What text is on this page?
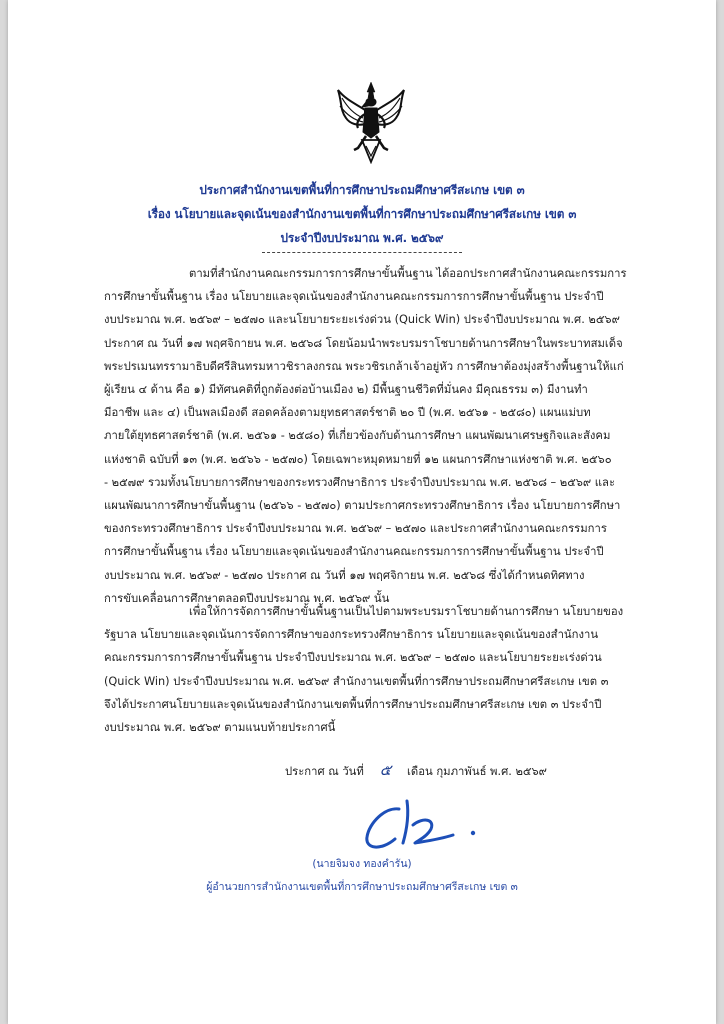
ประกาศสำนักงานเขตพื้นที่การศึกษาประถมศึกษาศรีสะเกษ เขต ๓
เรื่อง นโยบายและจุดเน้นของสำนักงานเขตพื้นที่การศึกษาประถมศึกษาศรีสะเกษ เขต ๓
ประจำปีงบประมาณ พ.ศ. ๒๕๖๙
ตามที่สำนักงานคณะกรรมการการศึกษาขั้นพื้นฐาน ได้ออกประกาศสำนักงานคณะกรรมการ
การศึกษาขั้นพื้นฐาน เรื่อง นโยบายและจุดเน้นของสำนักงานคณะกรรมการการศึกษาขั้นพื้นฐาน ประจำปี
งบประมาณ พ.ศ. ๒๕๖๙ – ๒๕๗๐ และนโยบายระยะเร่งด่วน (Quick Win) ประจำปีงบประมาณ พ.ศ. ๒๕๖๙
ประกาศ ณ วันที่ ๑๗ พฤศจิกายน พ.ศ. ๒๕๖๘ โดยน้อมนำพระบรมราโชบายด้านการศึกษาในพระบาทสมเด็จ
พระปรเมนทรรามาธิบดีศรีสินทรมหาวชิราลงกรณ พระวชิรเกล้าเจ้าอยู่หัว การศึกษาต้องมุ่งสร้างพื้นฐานให้แก่
ผู้เรียน ๔ ด้าน คือ ๑) มีทัศนคติที่ถูกต้องต่อบ้านเมือง ๒) มีพื้นฐานชีวิตที่มั่นคง มีคุณธรรม ๓) มีงานทำ
มีอาชีพ และ ๔) เป็นพลเมืองดี สอดคล้องตามยุทธศาสตร์ชาติ ๒๐ ปี (พ.ศ. ๒๕๖๑ - ๒๕๘๐) แผนแม่บท
ภายใต้ยุทธศาสตร์ชาติ (พ.ศ. ๒๕๖๑ - ๒๕๘๐) ที่เกี่ยวข้องกับด้านการศึกษา แผนพัฒนาเศรษฐกิจและสังคม
แห่งชาติ ฉบับที่ ๑๓ (พ.ศ. ๒๕๖๖ - ๒๕๗๐) โดยเฉพาะหมุดหมายที่ ๑๒ แผนการศึกษาแห่งชาติ พ.ศ. ๒๕๖๐
- ๒๕๗๙ รวมทั้งนโยบายการศึกษาของกระทรวงศึกษาธิการ ประจำปีงบประมาณ พ.ศ. ๒๕๖๘ – ๒๕๖๙ และ
แผนพัฒนาการศึกษาขั้นพื้นฐาน (๒๕๖๖ - ๒๕๗๐) ตามประกาศกระทรวงศึกษาธิการ เรื่อง นโยบายการศึกษา
ของกระทรวงศึกษาธิการ ประจำปีงบประมาณ พ.ศ. ๒๕๖๙ – ๒๕๗๐ และประกาศสำนักงานคณะกรรมการ
การศึกษาขั้นพื้นฐาน เรื่อง นโยบายและจุดเน้นของสำนักงานคณะกรรมการการศึกษาขั้นพื้นฐาน ประจำปี
งบประมาณ พ.ศ. ๒๕๖๙ - ๒๕๗๐ ประกาศ ณ วันที่ ๑๗ พฤศจิกายน พ.ศ. ๒๕๖๘ ซึ่งได้กำหนดทิศทาง
การขับเคลื่อนการศึกษาตลอดปีงบประมาณ พ.ศ. ๒๕๖๙ นั้น
เพื่อให้การจัดการศึกษาขั้นพื้นฐานเป็นไปตามพระบรมราโชบายด้านการศึกษา นโยบายของ
รัฐบาล นโยบายและจุดเน้นการจัดการศึกษาของกระทรวงศึกษาธิการ นโยบายและจุดเน้นของสำนักงาน
คณะกรรมการการศึกษาขั้นพื้นฐาน ประจำปีงบประมาณ พ.ศ. ๒๕๖๙ – ๒๕๗๐ และนโยบายระยะเร่งด่วน
(Quick Win) ประจำปีงบประมาณ พ.ศ. ๒๕๖๙ สำนักงานเขตพื้นที่การศึกษาประถมศึกษาศรีสะเกษ เขต ๓
จึงได้ประกาศนโยบายและจุดเน้นของสำนักงานเขตพื้นที่การศึกษาประถมศึกษาศรีสะเกษ เขต ๓ ประจำปี
งบประมาณ พ.ศ. ๒๕๖๙ ตามแนบท้ายประกาศนี้
ประกาศ ณ วันที่ ๕ เดือน กุมภาพันธ์ พ.ศ. ๒๕๖๙
(นายจิมจง ทองคำรัน)
ผู้อำนวยการสำนักงานเขตพื้นที่การศึกษาประถมศึกษาศรีสะเกษ เขต ๓
